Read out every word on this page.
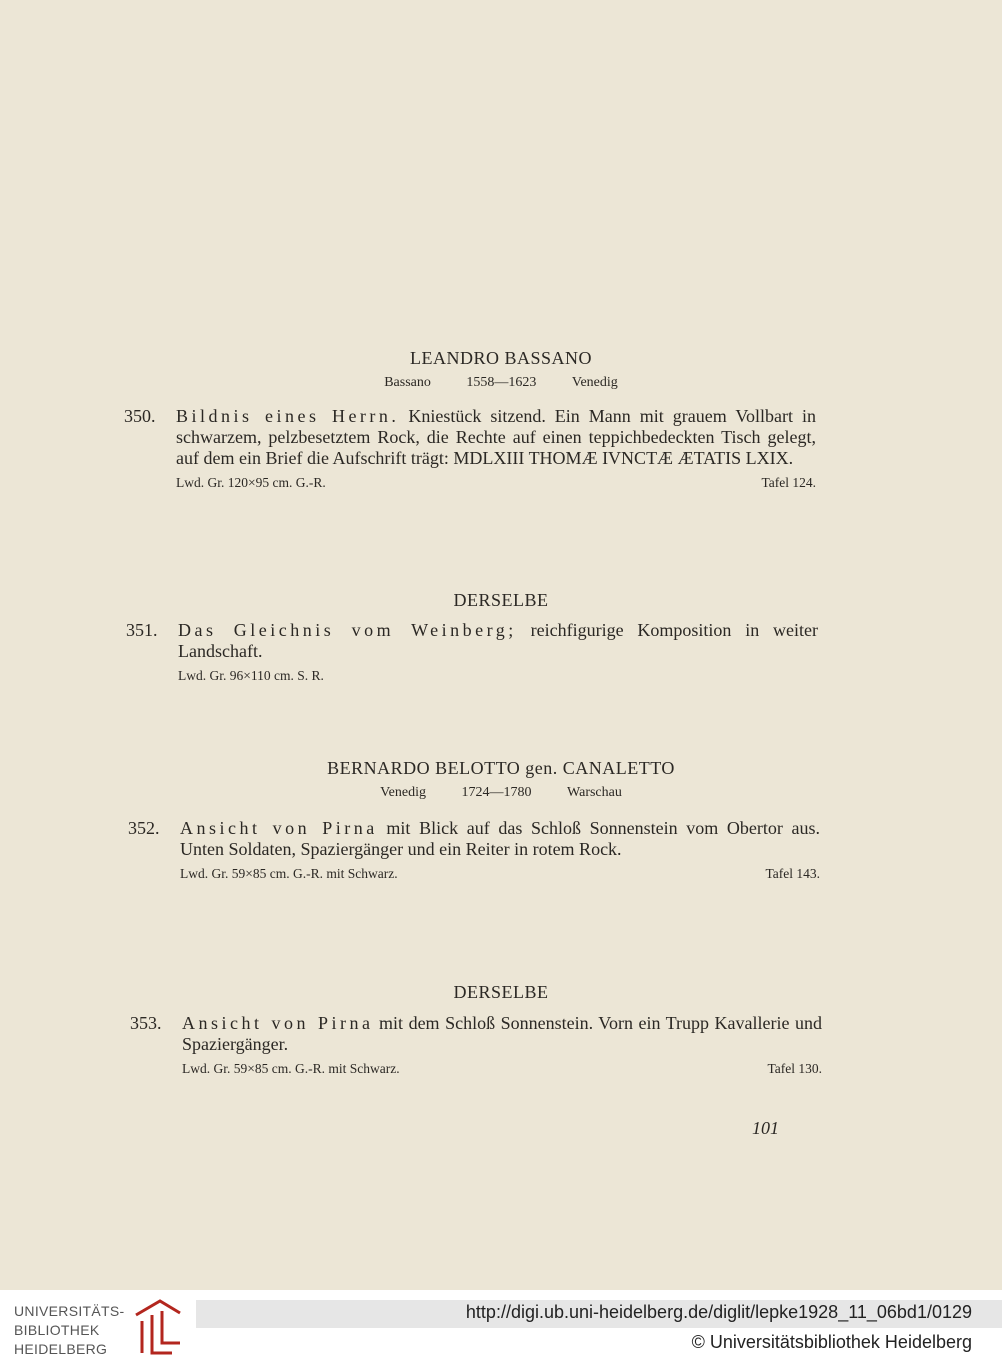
LEANDRO BASSANO
Bassano	1558—1623	Venedig
350. Bildnis eines Herrn. Kniestück sitzend. Ein Mann mit grauem Vollbart in schwarzem, pelzbesetztem Rock, die Rechte auf einen teppichbedeckten Tisch gelegt, auf dem ein Brief die Aufschrift trägt: MDLXIII THOMÆ IVNCTÆ ÆTATIS LXIX.
Lwd. Gr. 120×95 cm. G.-R.	Tafel 124.
DERSELBE
351. Das Gleichnis vom Weinberg; reichfigurige Komposition in weiter Landschaft.
Lwd. Gr. 96×110 cm. S. R.
BERNARDO BELOTTO gen. CANALETTO
Venedig	1724—1780	Warschau
352. Ansicht von Pirna mit Blick auf das Schloß Sonnenstein vom Obertor aus. Unten Soldaten, Spaziergänger und ein Reiter in rotem Rock.
Lwd. Gr. 59×85 cm. G.-R. mit Schwarz.	Tafel 143.
DERSELBE
353. Ansicht von Pirna mit dem Schloß Sonnenstein. Vorn ein Trupp Kavallerie und Spaziergänger.
Lwd. Gr. 59×85 cm. G.-R. mit Schwarz.	Tafel 130.
101
UNIVERSITÄTS-
BIBLIOTHEK
HEIDELBERG
http://digi.ub.uni-heidelberg.de/diglit/lepke1928_11_06bd1/0129
© Universitätsbibliothek Heidelberg
